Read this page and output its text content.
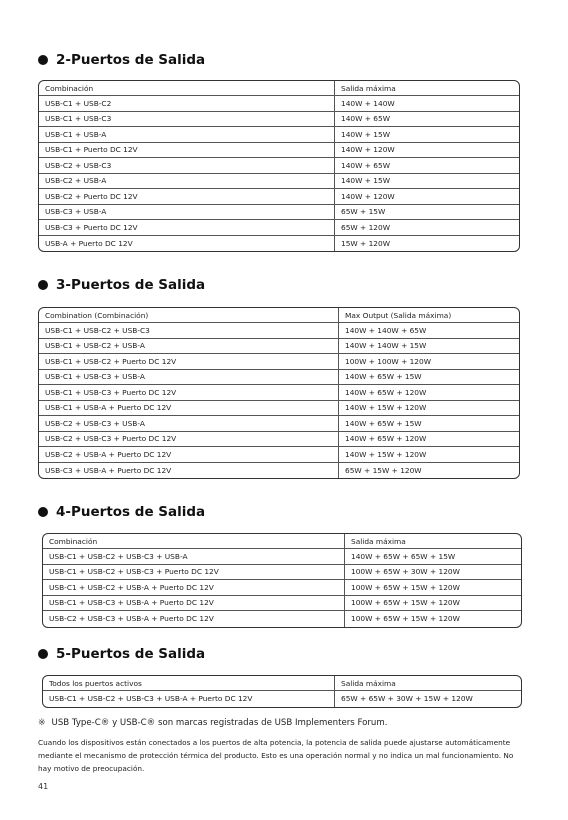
2-Puertos de Salida
Combinación	Salida máxima
USB-C1 + USB-C2	140W + 140W
USB-C1 + USB-C3	140W + 65W
USB-C1 + USB-A	140W + 15W
USB-C1 + Puerto DC 12V	140W + 120W
USB-C2 + USB-C3	140W + 65W
USB-C2 + USB-A	140W + 15W
USB-C2 + Puerto DC 12V	140W + 120W
USB-C3 + USB-A	65W + 15W
USB-C3 + Puerto DC 12V	65W + 120W
USB-A + Puerto DC 12V	15W + 120W
3-Puertos de Salida
Combination (Combinación)	Max Output (Salida máxima)
USB-C1 + USB-C2 + USB-C3	140W + 140W + 65W
USB-C1 + USB-C2 + USB-A	140W + 140W + 15W
USB-C1 + USB-C2 + Puerto DC 12V	100W + 100W + 120W
USB-C1 + USB-C3 + USB-A	140W + 65W + 15W
USB-C1 + USB-C3 + Puerto DC 12V	140W + 65W + 120W
USB-C1 + USB-A + Puerto DC 12V	140W + 15W + 120W
USB-C2 + USB-C3 + USB-A	140W + 65W + 15W
USB-C2 + USB-C3 + Puerto DC 12V	140W + 65W + 120W
USB-C2 + USB-A + Puerto DC 12V	140W + 15W + 120W
USB-C3 + USB-A + Puerto DC 12V	65W + 15W + 120W
4-Puertos de Salida
Combinación	Salida máxima
USB-C1 + USB-C2 + USB-C3 + USB-A	140W + 65W + 65W + 15W
USB-C1 + USB-C2 + USB-C3 + Puerto DC 12V	100W + 65W + 30W + 120W
USB-C1 + USB-C2 + USB-A + Puerto DC 12V	100W + 65W + 15W + 120W
USB-C1 + USB-C3 + USB-A + Puerto DC 12V	100W + 65W + 15W + 120W
USB-C2 + USB-C3 + USB-A + Puerto DC 12V	100W + 65W + 15W + 120W
5-Puertos de Salida
Todos los puertos activos	Salida máxima
USB-C1 + USB-C2 + USB-C3 + USB-A + Puerto DC 12V	65W + 65W + 30W + 15W + 120W
※ USB Type-C® y USB-C® son marcas registradas de USB Implementers Forum.

Cuando los dispositivos están conectados a los puertos de alta potencia, la potencia de salida puede ajustarse automáticamente mediante el mecanismo de protección térmica del producto. Esto es una operación normal y no indica un mal funcionamiento. No hay motivo de preocupación.

41
